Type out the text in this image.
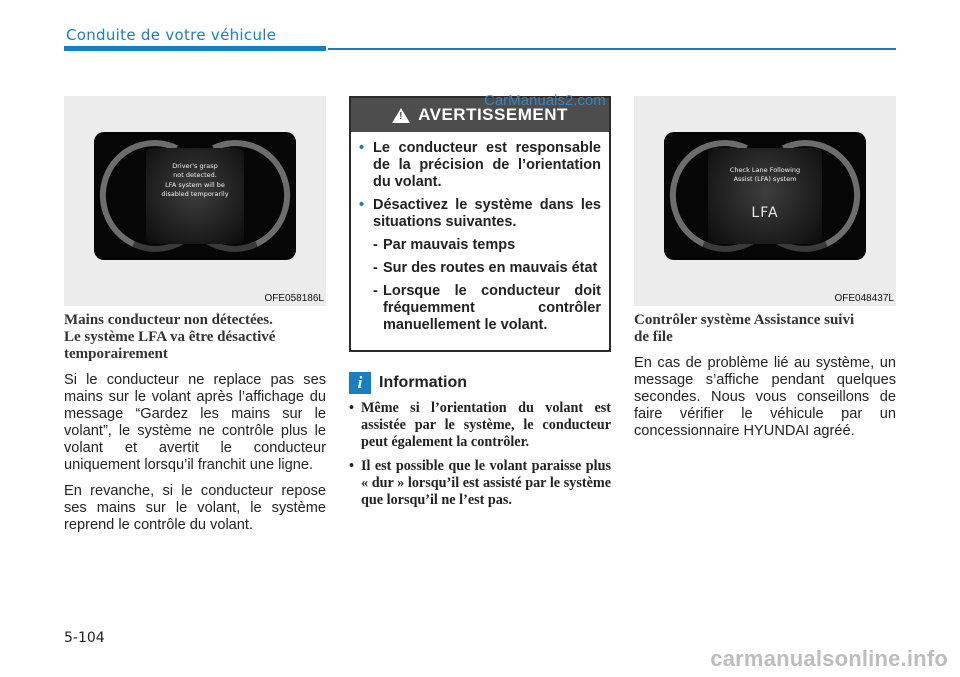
Conduite de votre véhicule
Driver's grasp
not detected.
LFA system will be
disabled temporarily
OFE058186L
Mains conducteur non détectées.
Le système LFA va être désactivé
temporairement

Si le conducteur ne replace pas ses mains sur le volant après l’affichage du message “Gardez les mains sur le volant”, le système ne contrôle plus le volant et avertit le conducteur uniquement lorsqu’il franchit une ligne.

En revanche, si le conducteur repose ses mains sur le volant, le système reprend le contrôle du volant.

! AVERTISSEMENT
• Le conducteur est responsable de la précision de l’orientation du volant.
• Désactivez le système dans les situations suivantes.
- Par mauvais temps
- Sur des routes en mauvais état
- Lorsque le conducteur doit fréquemment contrôler manuellement le volant.
i	Information
• Même si l’orientation du volant est assistée par le système, le conducteur peut également la contrôler.
• Il est possible que le volant paraisse plus « dur » lorsqu’il est assisté par le système que lorsqu’il ne l’est pas.
CarManuals2.com
Check Lane Following
Assist (LFA) system
LFA
OFE048437L
Contrôler système Assistance suivi
de file

En cas de problème lié au système, un message s’affiche pendant quelques secondes. Nous vous conseillons de faire vérifier le véhicule par un concessionnaire HYUNDAI agréé.

5-104
carmanualsonline.info
